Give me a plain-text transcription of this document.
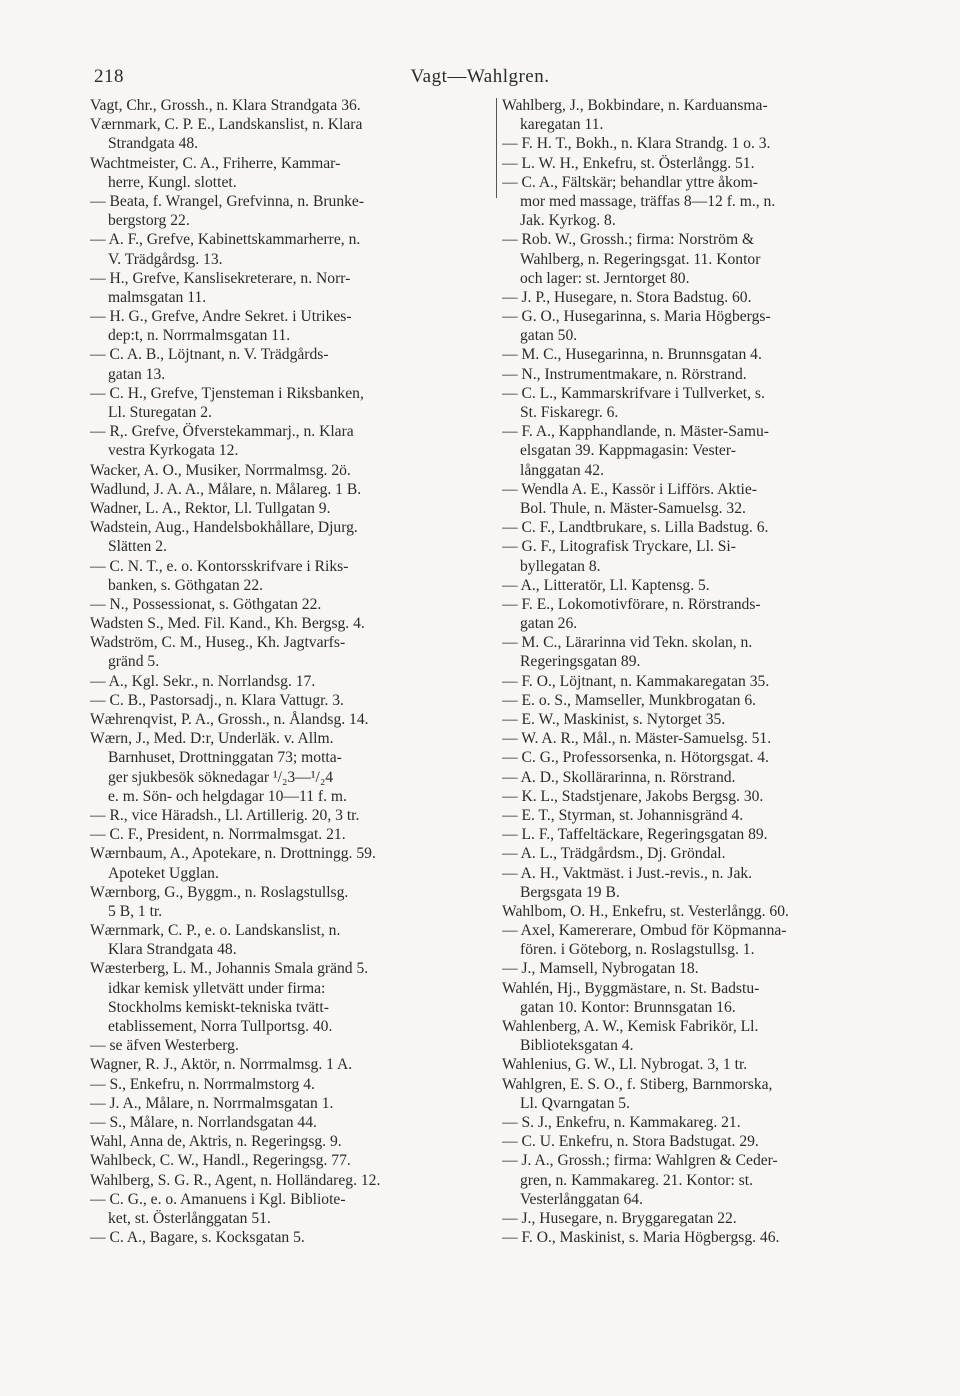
Vagt—Wahlgren.
218
Vagt, Chr., Grossh., n. Klara Strandgata 36.
Værnmark, C. P. E., Landskanslist, n. Klara
Strandgata 48.
Wachtmeister, C. A., Friherre, Kammar-
herre, Kungl. slottet.
— Beata, f. Wrangel, Grefvinna, n. Brunke-
bergstorg 22.
— A. F., Grefve, Kabinettskammarherre, n.
V. Trädgårdsg. 13.
— H., Grefve, Kanslisekreterare, n. Norr-
malmsgatan 11.
— H. G., Grefve, Andre Sekret. i Utrikes-
dep:t, n. Norrmalmsgatan 11.
— C. A. B., Löjtnant, n. V. Trädgårds-
gatan 13.
— C. H., Grefve, Tjensteman i Riksbanken,
Ll. Sturegatan 2.
— R,. Grefve, Öfverstekammarj., n. Klara
vestra Kyrkogata 12.
Wacker, A. O., Musiker, Norrmalmsg. 2ö.
Wadlund, J. A. A., Målare, n. Målareg. 1 B.
Wadner, L. A., Rektor, Ll. Tullgatan 9.
Wadstein, Aug., Handelsbokhållare, Djurg.
Slätten 2.
— C. N. T., e. o. Kontorsskrifvare i Riks-
banken, s. Göthgatan 22.
— N., Possessionat, s. Göthgatan 22.
Wadsten S., Med. Fil. Kand., Kh. Bergsg. 4.
Wadström, C. M., Huseg., Kh. Jagtvarfs-
gränd 5.
— A., Kgl. Sekr., n. Norrlandsg. 17.
— C. B., Pastorsadj., n. Klara Vattugr. 3.
Wæhrenqvist, P. A., Grossh., n. Ålandsg. 14.
Wærn, J., Med. D:r, Underläk. v. Allm.
Barnhuset, Drottninggatan 73; motta-
ger sjukbesök söknedagar ¹/₂3—¹/₂4
e. m. Sön- och helgdagar 10—11 f. m.
— R., vice Häradsh., Ll. Artillerig. 20, 3 tr.
— C. F., President, n. Norrmalmsgat. 21.
Wærnbaum, A., Apotekare, n. Drottningg. 59.
Apoteket Ugglan.
Wærnborg, G., Byggm., n. Roslagstullsg.
5 B, 1 tr.
Wærnmark, C. P., e. o. Landskanslist, n.
Klara Strandgata 48.
Wæsterberg, L. M., Johannis Smala gränd 5.
idkar kemisk ylletvätt under firma:
Stockholms kemiskt-tekniska tvätt-
etablissement, Norra Tullportsg. 40.
— se äfven Westerberg.
Wagner, R. J., Aktör, n. Norrmalmsg. 1 A.
— S., Enkefru, n. Norrmalmstorg 4.
— J. A., Målare, n. Norrmalmsgatan 1.
— S., Målare, n. Norrlandsgatan 44.
Wahl, Anna de, Aktris, n. Regeringsg. 9.
Wahlbeck, C. W., Handl., Regeringsg. 77.
Wahlberg, S. G. R., Agent, n. Holländareg. 12.
— C. G., e. o. Amanuens i Kgl. Bibliote-
ket, st. Österlånggatan 51.
— C. A., Bagare, s. Kocksgatan 5.
Wahlberg, J., Bokbindare, n. Karduansma-
karegatan 11.
— F. H. T., Bokh., n. Klara Strandg. 1 o. 3.
— L. W. H., Enkefru, st. Österlångg. 51.
— C. A., Fältskär; behandlar yttre åkom-
mor med massage, träffas 8—12 f. m., n.
Jak. Kyrkog. 8.
— Rob. W., Grossh.; firma: Norström &
Wahlberg, n. Regeringsgat. 11. Kontor
och lager: st. Jerntorget 80.
— J. P., Husegare, n. Stora Badstug. 60.
— G. O., Husegarinna, s. Maria Högbergs-
gatan 50.
— M. C., Husegarinna, n. Brunnsgatan 4.
— N., Instrumentmakare, n. Rörstrand.
— C. L., Kammarskrifvare i Tullverket, s.
St. Fiskaregr. 6.
— F. A., Kapphandlande, n. Mäster-Samu-
elsgatan 39. Kappmagasin: Vester-
långgatan 42.
— Wendla A. E., Kassör i Lifförs. Aktie-
Bol. Thule, n. Mäster-Samuelsg. 32.
— C. F., Landtbrukare, s. Lilla Badstug. 6.
— G. F., Litografisk Tryckare, Ll. Si-
byllegatan 8.
— A., Litteratör, Ll. Kaptensg. 5.
— F. E., Lokomotivförare, n. Rörstrands-
gatan 26.
— M. C., Lärarinna vid Tekn. skolan, n.
Regeringsgatan 89.
— F. O., Löjtnant, n. Kammakaregatan 35.
— E. o. S., Mamseller, Munkbrogatan 6.
— E. W., Maskinist, s. Nytorget 35.
— W. A. R., Mål., n. Mäster-Samuelsg. 51.
— C. G., Professorsenka, n. Hötorgsgat. 4.
— A. D., Skollärarinna, n. Rörstrand.
— K. L., Stadstjenare, Jakobs Bergsg. 30.
— E. T., Styrman, st. Johannisgränd 4.
— L. F., Taffeltäckare, Regeringsgatan 89.
— A. L., Trädgårdsm., Dj. Gröndal.
— A. H., Vaktmäst. i Just.-revis., n. Jak.
Bergsgata 19 B.
Wahlbom, O. H., Enkefru, st. Vesterlångg. 60.
— Axel, Kamererare, Ombud för Köpmanna-
fören. i Göteborg, n. Roslagstullsg. 1.
— J., Mamsell, Nybrogatan 18.
Wahlén, Hj., Byggmästare, n. St. Badstu-
gatan 10. Kontor: Brunnsgatan 16.
Wahlenberg, A. W., Kemisk Fabrikör, Ll.
Biblioteksgatan 4.
Wahlenius, G. W., Ll. Nybrogat. 3, 1 tr.
Wahlgren, E. S. O., f. Stiberg, Barnmorska,
Ll. Qvarngatan 5.
— S. J., Enkefru, n. Kammakareg. 21.
— C. U. Enkefru, n. Stora Badstugat. 29.
— J. A., Grossh.; firma: Wahlgren & Ceder-
gren, n. Kammakareg. 21. Kontor: st.
Vesterlånggatan 64.
— J., Husegare, n. Bryggaregatan 22.
— F. O., Maskinist, s. Maria Högbergsg. 46.
